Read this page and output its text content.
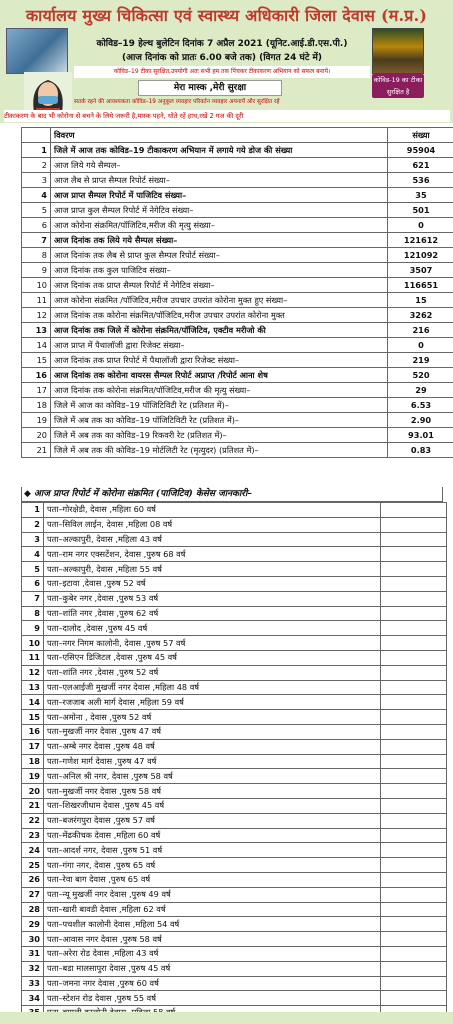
कार्यालय मुख्य चिकित्सा एवं स्वास्थ्य अधिकारी जिला देवास (म.प्र.)
कोविड–19 हेल्थ बुलेटिन दिनांक 7 अप्रैल 2021 (यूनिट.आई.डी.एस.पी.)
(आज दिनांक को प्रातः 6.00 बजे तक) (विगत 24 घंटे में)
कोविड–19 टीका सुरक्षित,उपयोगी अतः सभी हम तक पिंचकर टीकाकरण अभियान को सफल बनायें।
मेरा मास्क ,मेरी सुरक्षा
कोविड-19 का टीका सुरक्षित है
सतर्क रहने की आवश्यकता कोविड–19 अनुकूल व्यवहार परिवर्तन व्यवहार अपनायें और सुरक्षित रहें
टीकाकरण के बाद भी कोरोना से बचने के लिये जरूरी है,मास्क पहने, धोते रहें हाथ,रखें 2 गज की दूरी
	विवरण	संख्या
1	जिले में आज तक कोविड–19 टीकाकरण अभियान में लगाये गये डोज की संख्या	95904
2	आज लिये गये सैम्पल–	621
3	आज लैब से प्राप्त सैम्पल रिपोर्ट संख्या–	536
4	आज प्राप्त सैम्पल रिपोर्ट में पाजिटिव संख्या–	35
5	आज प्राप्त कुल सैम्पल रिपोर्ट में नेगेटिव संख्या–	501
6	आज कोरोना संक्रमित/पॉजिटिव,मरीज की मृत्यु संख्या–	0
7	आज दिनांक तक लिये गये सैम्पल संख्या–	121612
8	आज दिनांक तक लैब से प्राप्त कुल सैम्पल रिपोर्ट संख्या–	121092
9	आज दिनांक तक कुल पाजिटिव संख्या–	3507
10	आज दिनांक तक प्राप्त सैम्पल रिपोर्ट में नेगेटिव संख्या–	116651
11	आज कोरोना संक्रमित /पॉजिटिव,मरीज उपचार उपरांत कोरोना मुक्त हुए संख्या–	15
12	आज दिनांक तक कोरोना संक्रमित/पॉजिटिव,मरीज उपचार उपरांत कोरोना मुक्त	3262
13	आज दिनांक तक जिले में कोरोना संक्रमित/पॉजिटिव, एक्टीव मरीजो की	216
14	आज प्राप्त में पैथालॉजी द्वारा रिजेक्ट संख्या–	0
15	आज दिनांक तक प्राप्त रिपोर्ट में पैथालॉजी द्वारा रिजेक्ट संख्या–	219
16	आज दिनांक तक कोरोना वायरस सैम्पल रिपोर्ट अप्राप्त /रिपोर्ट आना शेष	520
17	आज दिनांक तक कोरोना संक्रमित/पॉजिटिव,मरीज की मृत्यु संख्या–	29
18	जिले में आज का कोविड–19 पॉजिटिविटी रेट (प्रतिशत में)–	6.53
19	जिले में अब तक का कोविड–19 पॉजिटिविटी रेट (प्रतिशत में)–	2.90
20	जिले में अब तक का कोविड–19 रिकवरी रेट (प्रतिशत में)–	93.01
21	जिले में अब तक की कोविड–19 मोर्टलिटी रेट (मृत्युदर) (प्रतिशत में)–	0.83
◆ आज प्राप्त रिपोर्ट में कोरोना संक्रमित (पाजिटिव) केसेस जानकारी–
1	पता–गोरक्षेडी, देवास ,महिला 60 वर्ष	
2	पता–सिविल लाईन, देवास ,महिला 08 वर्ष	
3	पता–अल्कापुरी, देवास ,महिला 43 वर्ष	
4	पता–राम नगर एक्सटेंशन, देवास ,पुरुष 68 वर्ष	
5	पता–अल्कापुरी, देवास ,महिला 55 वर्ष	
6	पता–इटावा ,देवास ,पुरुष 52 वर्ष	
7	पता–कुबेर नगर ,देवास ,पुरुष 53 वर्ष	
8	पता–शांति नगर ,देवास ,पुरुष 62 वर्ष	
9	पता–दालोद ,देवास ,पुरुष 45 वर्ष	
10	पता–नगर निगम कालोनी, देवास ,पुरुष 57 वर्ष	
11	पता–एसिएन डिजिटल ,देवास ,पुरुष 45 वर्ष	
12	पता–शांति नगर ,देवास ,पुरुष 52 वर्ष	
13	पता–एलआईजी मुखर्जी नगर देवास ,महिला 48 वर्ष	
14	पता–रजजाब अली मार्ग देवास ,महिला 59 वर्ष	
15	पता–अमोना , देवास ,पुरुष 52 वर्ष	
16	पता–मुखर्जी नगर देवास ,पुरुष 47 वर्ष	
17	पता–अम्बे नगर देवास ,पुरुष 48 वर्ष	
18	पता–गणेश मार्ग देवास ,पुरुष 47 वर्ष	
19	पता–अनिल श्री नगर, देवास ,पुरुष 58 वर्ष	
20	पता–मुखर्जी नगर देवास ,पुरुष 58 वर्ष	
21	पता–शिखरजीधाम देवास ,पुरुष 45 वर्ष	
22	पता–बजरंगपुरा देवास ,पुरुष 57 वर्ष	
23	पता–मेंढकीचक देवास ,महिला 60 वर्ष	
24	पता–आदर्श नगर, देवास ,पुरुष 51 वर्ष	
25	पता–गंगा नगर, देवास ,पुरुष 65 वर्ष	
26	पता–रेवा बाग देवास ,पुरुष 65 वर्ष	
27	पता–न्यू मुखर्जी नगर देवास ,पुरुष 49 वर्ष	
28	पता–खारी बावडी देवास ,महिला 62 वर्ष	
29	पता–पचशील कालोनी देवास ,महिला 54 वर्ष	
30	पता–आवास नगर देवास ,पुरुष 58 वर्ष	
31	पता–अरेरा रोड देवास ,महिला 43 वर्ष	
32	पता–बडा मालसापुरा देवास ,पुरुष 45 वर्ष	
33	पता–जमना नगर देवास ,पुरुष 60 वर्ष	
34	पता–स्टेशन रोड देवास ,पुरुष 55 वर्ष	
